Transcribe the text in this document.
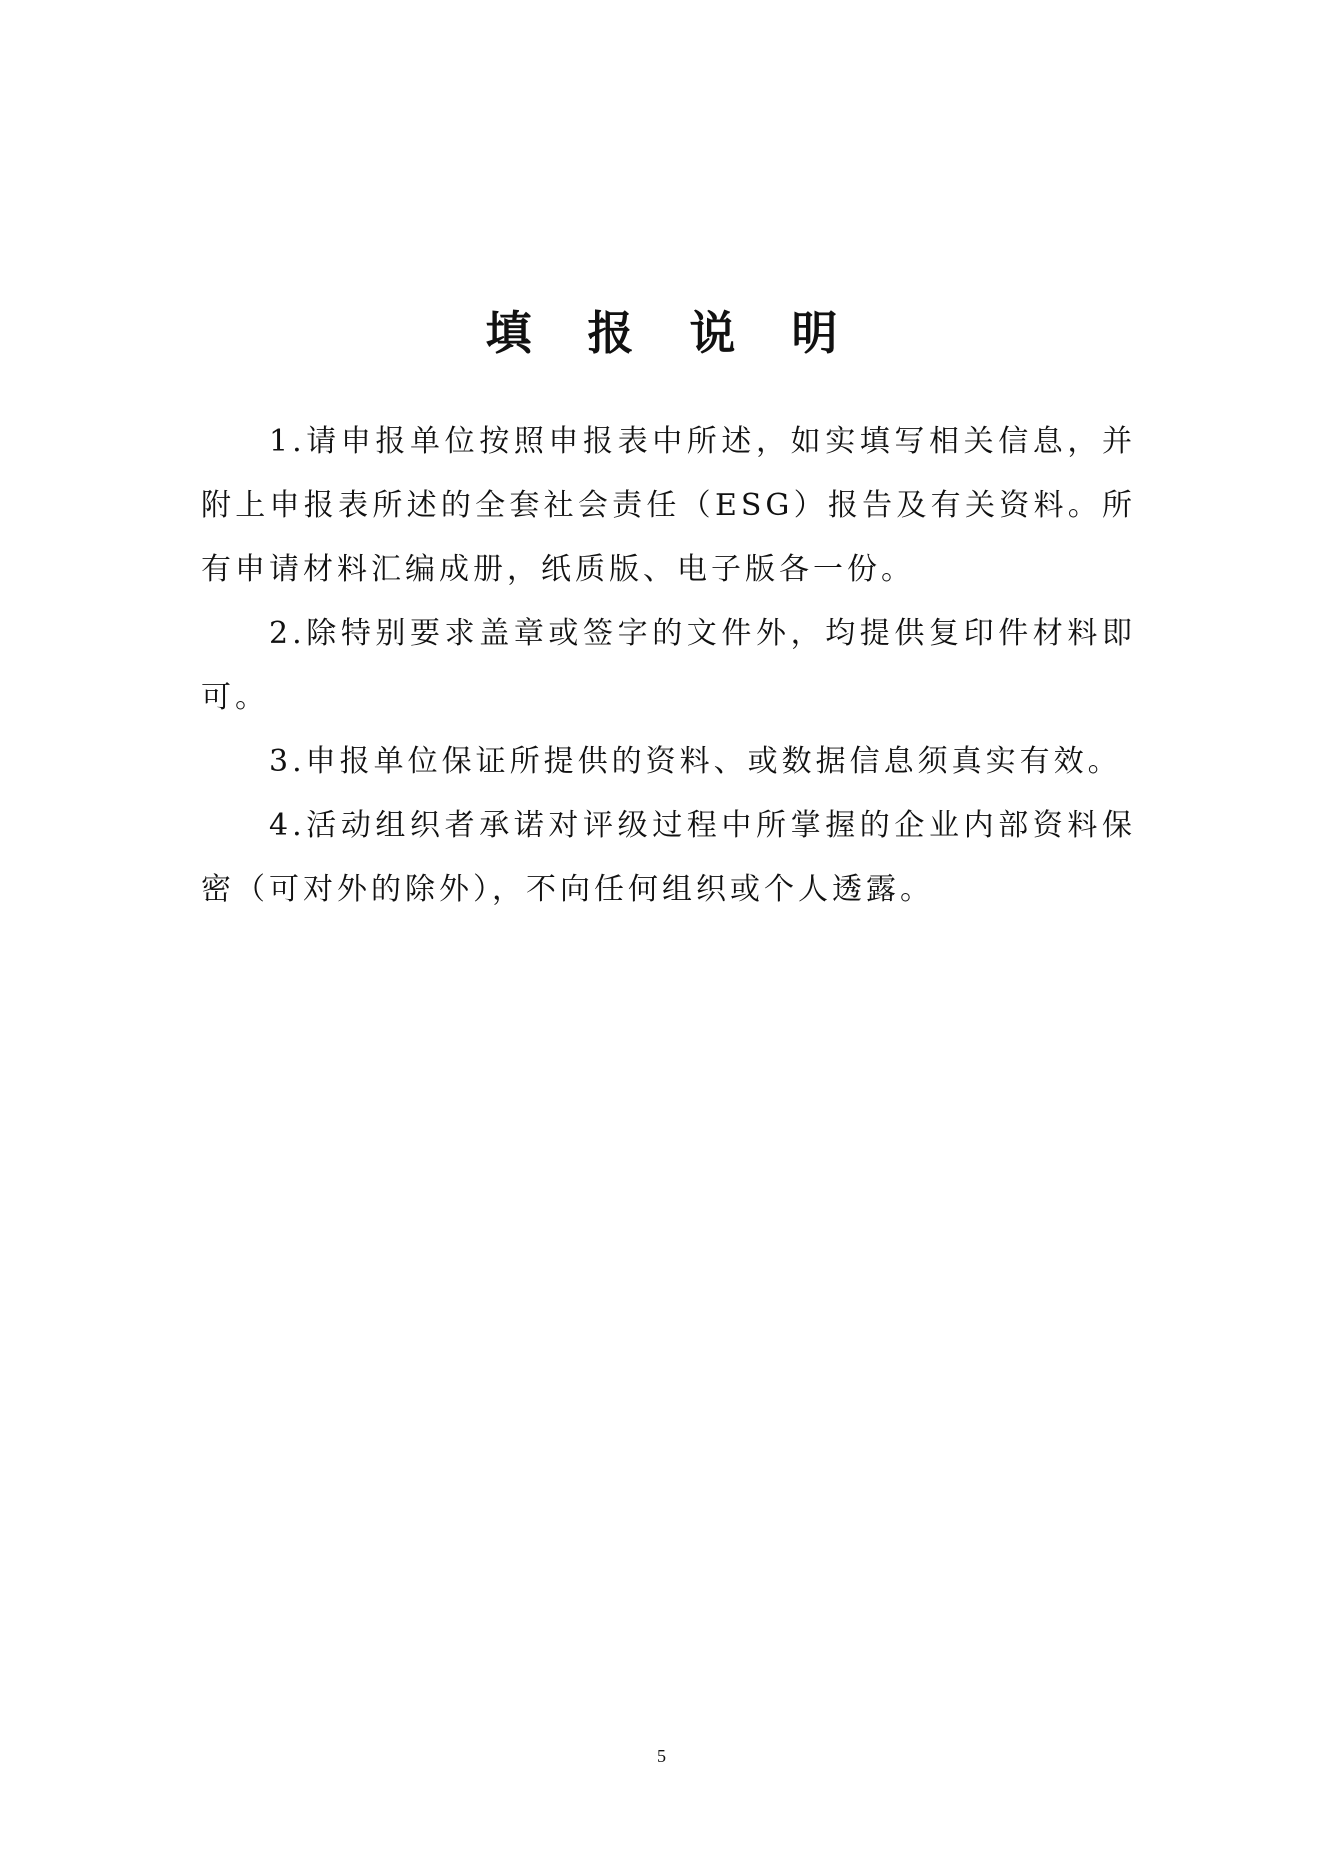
填 报 说 明

1.请申报单位按照申报表中所述，如实填写相关信息，并附上申报表所述的全套社会责任（ESG）报告及有关资料。所有申请材料汇编成册，纸质版、电子版各一份。

2.除特别要求盖章或签字的文件外，均提供复印件材料即可。

3.申报单位保证所提供的资料、或数据信息须真实有效。

4.活动组织者承诺对评级过程中所掌握的企业内部资料保密（可对外的除外），不向任何组织或个人透露。

5
